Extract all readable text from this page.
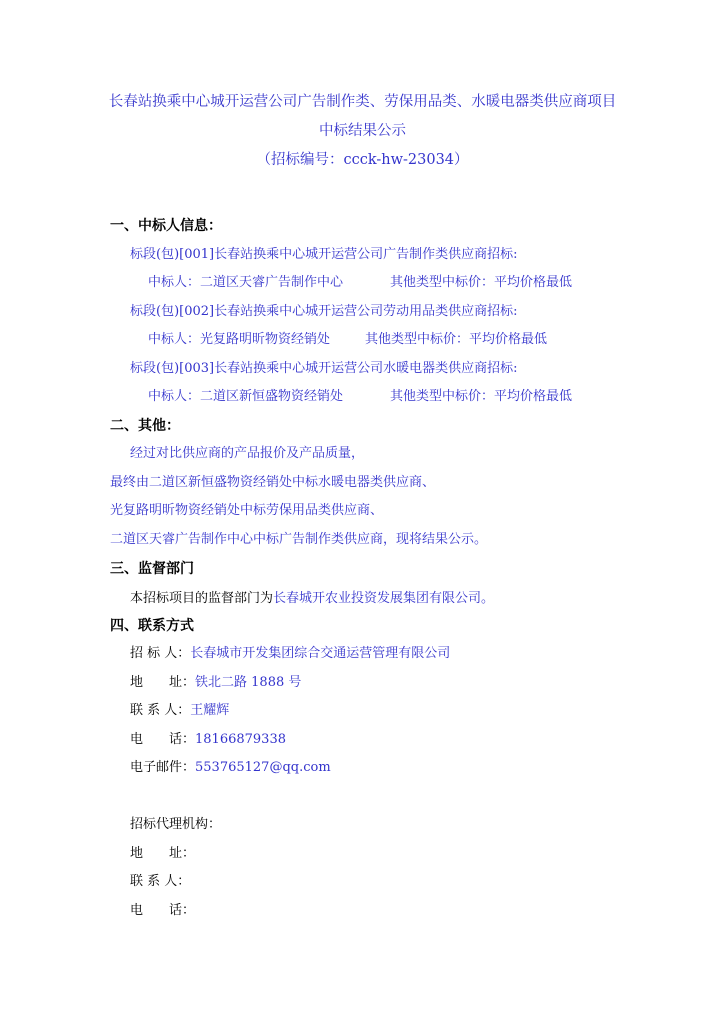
长春站换乘中心城开运营公司广告制作类、劳保用品类、水暖电器类供应商项目
中标结果公示
（招标编号：ccck-hw-23034）
一、中标人信息：
标段(包)[001]长春站换乘中心城开运营公司广告制作类供应商招标:
中标人：二道区天睿广告制作中心	其他类型中标价：平均价格最低
标段(包)[002]长春站换乘中心城开运营公司劳动用品类供应商招标:
中标人：光复路明昕物资经销处	其他类型中标价：平均价格最低
标段(包)[003]长春站换乘中心城开运营公司水暖电器类供应商招标:
中标人：二道区新恒盛物资经销处	其他类型中标价：平均价格最低
二、其他：
经过对比供应商的产品报价及产品质量，
最终由二道区新恒盛物资经销处中标水暖电器类供应商、
光复路明昕物资经销处中标劳保用品类供应商、
二道区天睿广告制作中心中标广告制作类供应商，现将结果公示。
三、监督部门
本招标项目的监督部门为长春城开农业投资发展集团有限公司。
四、联系方式
招 标 人：长春城市开发集团综合交通运营管理有限公司
地　　址：铁北二路 1888 号
联 系 人：王耀辉
电　　话：18166879338
电子邮件：553765127@qq.com
招标代理机构：
地　　址：
联 系 人：
电　　话：
